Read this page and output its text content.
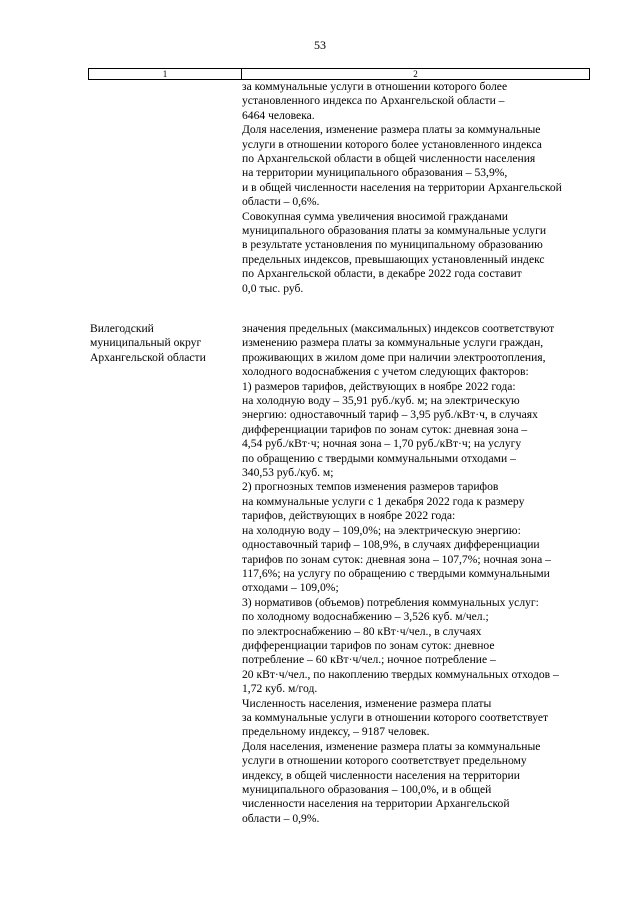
53
1	2
за коммунальные услуги в отношении которого более
установленного индекса по Архангельской области –
6464 человека.
Доля населения, изменение размера платы за коммунальные
услуги в отношении которого более установленного индекса
по Архангельской области в общей численности населения
на территории муниципального образования – 53,9%,
и в общей численности населения на территории Архангельской
области – 0,6%.
Совокупная сумма увеличения вносимой гражданами
муниципального образования платы за коммунальные услуги
в результате установления по муниципальному образованию
предельных индексов, превышающих установленный индекс
по Архангельской области, в декабре 2022 года составит
0,0 тыс. руб.
Вилегодский
муниципальный округ
Архангельской области
значения предельных (максимальных) индексов соответствуют
изменению размера платы за коммунальные услуги граждан,
проживающих в жилом доме при наличии электроотопления,
холодного водоснабжения с учетом следующих факторов:
1) размеров тарифов, действующих в ноябре 2022 года:
на холодную воду – 35,91 руб./куб. м; на электрическую
энергию: одноставочный тариф – 3,95 руб./кВт·ч, в случаях
дифференциации тарифов по зонам суток: дневная зона –
4,54 руб./кВт·ч; ночная зона – 1,70 руб./кВт·ч; на услугу
по обращению с твердыми коммунальными отходами –
340,53 руб./куб. м;
2) прогнозных темпов изменения размеров тарифов
на коммунальные услуги с 1 декабря 2022 года к размеру
тарифов, действующих в ноябре 2022 года:
на холодную воду – 109,0%; на электрическую энергию:
одноставочный тариф – 108,9%, в случаях дифференциации
тарифов по зонам суток: дневная зона – 107,7%; ночная зона –
117,6%; на услугу по обращению с твердыми коммунальными
отходами – 109,0%;
3) нормативов (объемов) потребления коммунальных услуг:
по холодному водоснабжению – 3,526 куб. м/чел.;
по электроснабжению – 80 кВт·ч/чел., в случаях
дифференциации тарифов по зонам суток: дневное
потребление – 60 кВт·ч/чел.; ночное потребление –
20 кВт·ч/чел., по накоплению твердых коммунальных отходов –
1,72 куб. м/год.
Численность населения, изменение размера платы
за коммунальные услуги в отношении которого соответствует
предельному индексу, – 9187 человек.
Доля населения, изменение размера платы за коммунальные
услуги в отношении которого соответствует предельному
индексу, в общей численности населения на территории
муниципального образования – 100,0%, и в общей
численности населения на территории Архангельской
области – 0,9%.
